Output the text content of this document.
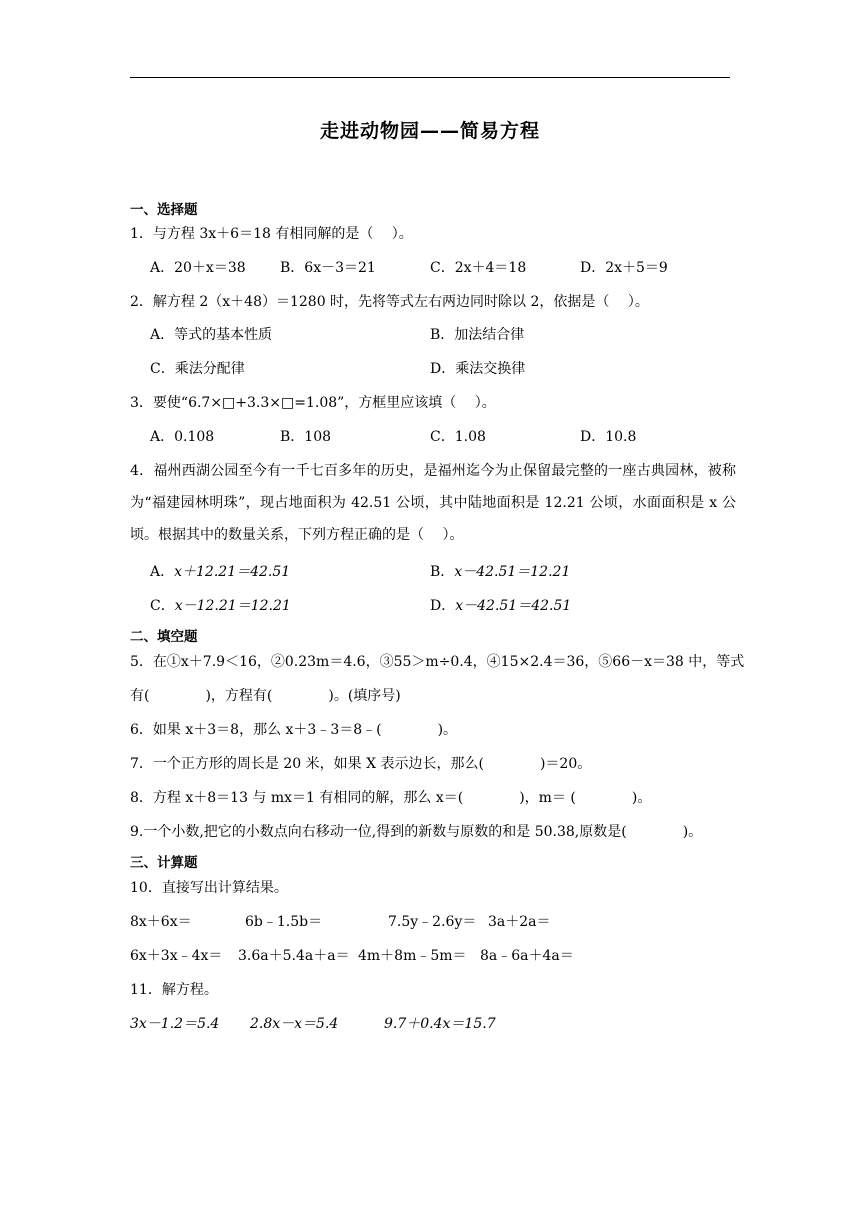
走进动物园——简易方程
一、选择题
1．与方程 3x＋6＝18 有相同解的是（　 ）。
A．20＋x＝38 B．6x－3＝21	C．2x＋4＝18	D．2x＋5＝9
2．解方程 2（x＋48）＝1280 时，先将等式左右两边同时除以 2，依据是（　 ）。
A．等式的基本性质	B．加法结合律
C．乘法分配律	D．乘法交换律
3．要使“6.7×□+3.3×□=1.08”，方框里应该填（　 ）。
A．0.108	B．108	C．1.08	D．10.8
4．福州西湖公园至今有一千七百多年的历史，是福州迄今为止保留最完整的一座古典园林，被称为“福建园林明珠”，现占地面积为 42.51 公顷，其中陆地面积是 12.21 公顷，水面面积是 x 公顷。根据其中的数量关系，下列方程正确的是（　 ）。
A．x＋12.21＝42.51	B．x－42.51＝12.21
C．x－12.21＝12.21	D．x－42.51＝42.51
二、填空题
5．在①x＋7.9＜16，②0.23m＝4.6，③55＞m÷0.4，④15×2.4＝36，⑤66－x＝38 中，等式
有(　　　　)，方程有(　　　　)。(填序号)
6．如果 x＋3＝8，那么 x＋3﹣3＝8﹣(　　　　)。
7．一个正方形的周长是 20 米，如果 X 表示边长，那么(　　　　)＝20。
8．方程 x＋8＝13 与 mx＝1 有相同的解，那么 x＝(　　　　)，m＝ (　　　　)。
9.一个小数,把它的小数点向右移动一位,得到的新数与原数的和是 50.38,原数是(　　　　)。
三、计算题
10．直接写出计算结果。
8x＋6x＝	6b﹣1.5b＝	7.5y﹣2.6y＝ 3a＋2a＝
6x＋3x﹣4x＝ 3.6a＋5.4a＋a＝ 4m＋8m﹣5m＝ 8a﹣6a＋4a＝
11．解方程。
3x－1.2＝5.4 2.8x－x＝5.4	9.7＋0.4x＝15.7
